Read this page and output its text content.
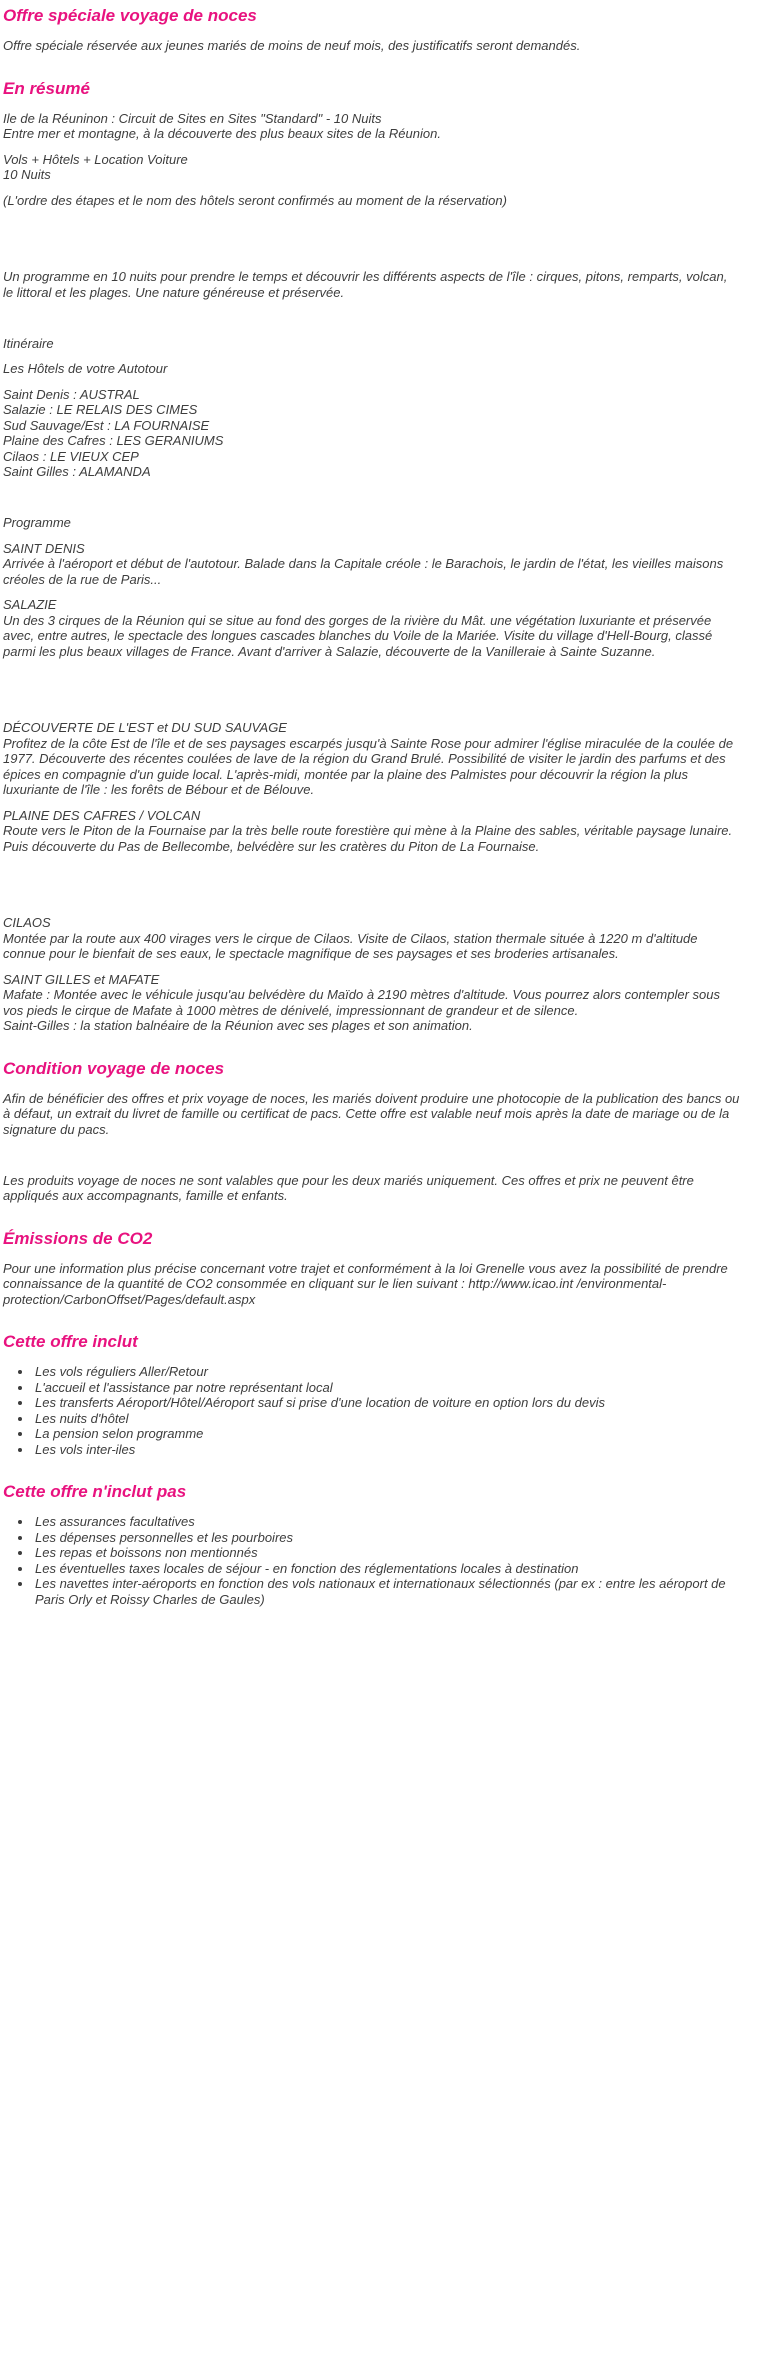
Offre spéciale voyage de noces

Offre spéciale réservée aux jeunes mariés de moins de neuf mois, des justificatifs seront demandés.

En résumé

Ile de la Réuninon : Circuit de Sites en Sites "Standard" - 10 Nuits
Entre mer et montagne, à la découverte des plus beaux sites de la Réunion.

Vols + Hôtels + Location Voiture
10 Nuits

(L'ordre des étapes et le nom des hôtels seront confirmés au moment de la réservation)

Un programme en 10 nuits pour prendre le temps et découvrir les différents aspects de l'île : cirques, pitons, remparts, volcan, le littoral et les plages. Une nature généreuse et préservée.

Itinéraire

Les Hôtels de votre Autotour

Saint Denis : AUSTRAL
Salazie : LE RELAIS DES CIMES
Sud Sauvage/Est : LA FOURNAISE
Plaine des Cafres : LES GERANIUMS
Cilaos : LE VIEUX CEP
Saint Gilles : ALAMANDA

Programme

SAINT DENIS
Arrivée à l'aéroport et début de l'autotour. Balade dans la Capitale créole : le Barachois, le jardin de l'état, les vieilles maisons créoles de la rue de Paris...

SALAZIE
Un des 3 cirques de la Réunion qui se situe au fond des gorges de la rivière du Mât. une végétation luxuriante et préservée avec, entre autres, le spectacle des longues cascades blanches du Voile de la Mariée. Visite du village d'Hell-Bourg, classé parmi les plus beaux villages de France. Avant d'arriver à Salazie, découverte de la Vanilleraie à Sainte Suzanne.

DÉCOUVERTE DE L'EST et DU SUD SAUVAGE
Profitez de la côte Est de l'île et de ses paysages escarpés jusqu'à Sainte Rose pour admirer l'église miraculée de la coulée de 1977. Découverte des récentes coulées de lave de la région du Grand Brulé. Possibilité de visiter le jardin des parfums et des épices en compagnie d'un guide local. L'après-midi, montée par la plaine des Palmistes pour découvrir la région la plus luxuriante de l'île : les forêts de Bébour et de Bélouve.

PLAINE DES CAFRES / VOLCAN
Route vers le Piton de la Fournaise par la très belle route forestière qui mène à la Plaine des sables, véritable paysage lunaire. Puis découverte du Pas de Bellecombe, belvédère sur les cratères du Piton de La Fournaise.

CILAOS
Montée par la route aux 400 virages vers le cirque de Cilaos. Visite de Cilaos, station thermale située à 1220 m d'altitude connue pour le bienfait de ses eaux, le spectacle magnifique de ses paysages et ses broderies artisanales.

SAINT GILLES et MAFATE
Mafate : Montée avec le véhicule jusqu'au belvédère du Maïdo à 2190 mètres d'altitude. Vous pourrez alors contempler sous vos pieds le cirque de Mafate à 1000 mètres de dénivelé, impressionnant de grandeur et de silence.
Saint-Gilles : la station balnéaire de la Réunion avec ses plages et son animation.

Condition voyage de noces

Afin de bénéficier des offres et prix voyage de noces, les mariés doivent produire une photocopie de la publication des bancs ou à défaut, un extrait du livret de famille ou certificat de pacs. Cette offre est valable neuf mois après la date de mariage ou de la signature du pacs.

Les produits voyage de noces ne sont valables que pour les deux mariés uniquement. Ces offres et prix ne peuvent être appliqués aux accompagnants, famille et enfants.

Émissions de CO2

Pour une information plus précise concernant votre trajet et conformément à la loi Grenelle vous avez la possibilité de prendre connaissance de la quantité de CO2 consommée en cliquant sur le lien suivant : http://www.icao.int /environmental-protection/CarbonOffset/Pages/default.aspx

Cette offre inclut
• Les vols réguliers Aller/Retour
• L'accueil et l'assistance par notre représentant local
• Les transferts Aéroport/Hôtel/Aéroport sauf si prise d'une location de voiture en option lors du devis
• Les nuits d'hôtel
• La pension selon programme
• Les vols inter-iles
Cette offre n'inclut pas
• Les assurances facultatives
• Les dépenses personnelles et les pourboires
• Les repas et boissons non mentionnés
• Les éventuelles taxes locales de séjour - en fonction des réglementations locales à destination
• Les navettes inter-aéroports en fonction des vols nationaux et internationaux sélectionnés (par ex : entre les aéroport de Paris Orly et Roissy Charles de Gaules)
